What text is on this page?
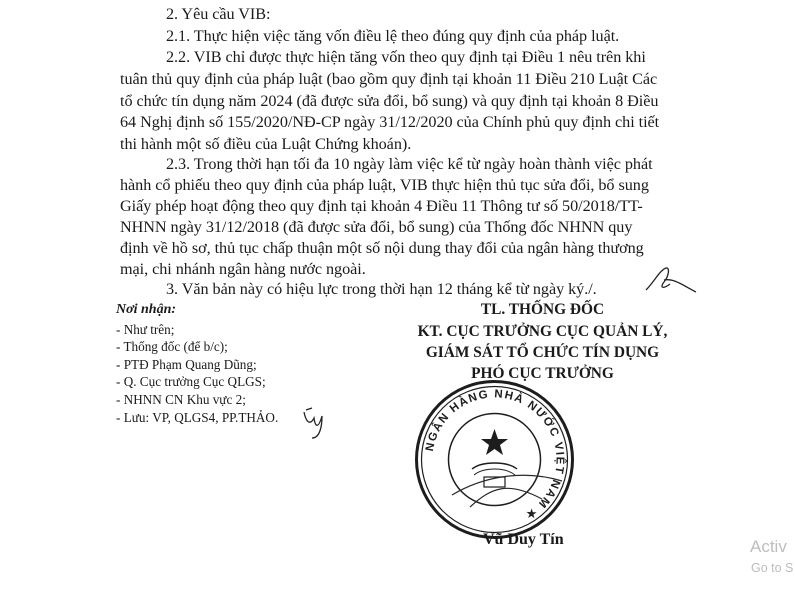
2. Yêu cầu VIB:
2.1. Thực hiện việc tăng vốn điều lệ theo đúng quy định của pháp luật.
2.2. VIB chỉ được thực hiện tăng vốn theo quy định tại Điều 1 nêu trên khi
tuân thủ quy định của pháp luật (bao gồm quy định tại khoản 11 Điều 210 Luật Các
tổ chức tín dụng năm 2024 (đã được sửa đổi, bổ sung) và quy định tại khoản 8 Điều
64 Nghị định số 155/2020/NĐ-CP ngày 31/12/2020 của Chính phủ quy định chi tiết
thi hành một số điều của Luật Chứng khoán).
2.3. Trong thời hạn tối đa 10 ngày làm việc kể từ ngày hoàn thành việc phát
hành cổ phiếu theo quy định của pháp luật, VIB thực hiện thủ tục sửa đổi, bổ sung
Giấy phép hoạt động theo quy định tại khoản 4 Điều 11 Thông tư số 50/2018/TT-
NHNN ngày 31/12/2018 (đã được sửa đổi, bổ sung) của Thống đốc NHNN quy
định về hồ sơ, thủ tục chấp thuận một số nội dung thay đổi của ngân hàng thương
mại, chi nhánh ngân hàng nước ngoài.
3. Văn bản này có hiệu lực trong thời hạn 12 tháng kể từ ngày ký./.
Nơi nhận:
- Như trên;
- Thống đốc (để b/c);
- PTĐ Phạm Quang Dũng;
- Q. Cục trưởng Cục QLGS;
- NHNN CN Khu vực 2;
- Lưu: VP, QLGS4, PP.THẢO.
TL. THỐNG ĐỐC
KT. CỤC TRƯỞNG CỤC QUẢN LÝ,
GIÁM SÁT TỔ CHỨC TÍN DỤNG
PHÓ CỤC TRƯỞNG
NGÂN HÀNG NHÀ NƯỚC VIỆT NAM ★
Vũ Duy Tín	Activ
Go to S
